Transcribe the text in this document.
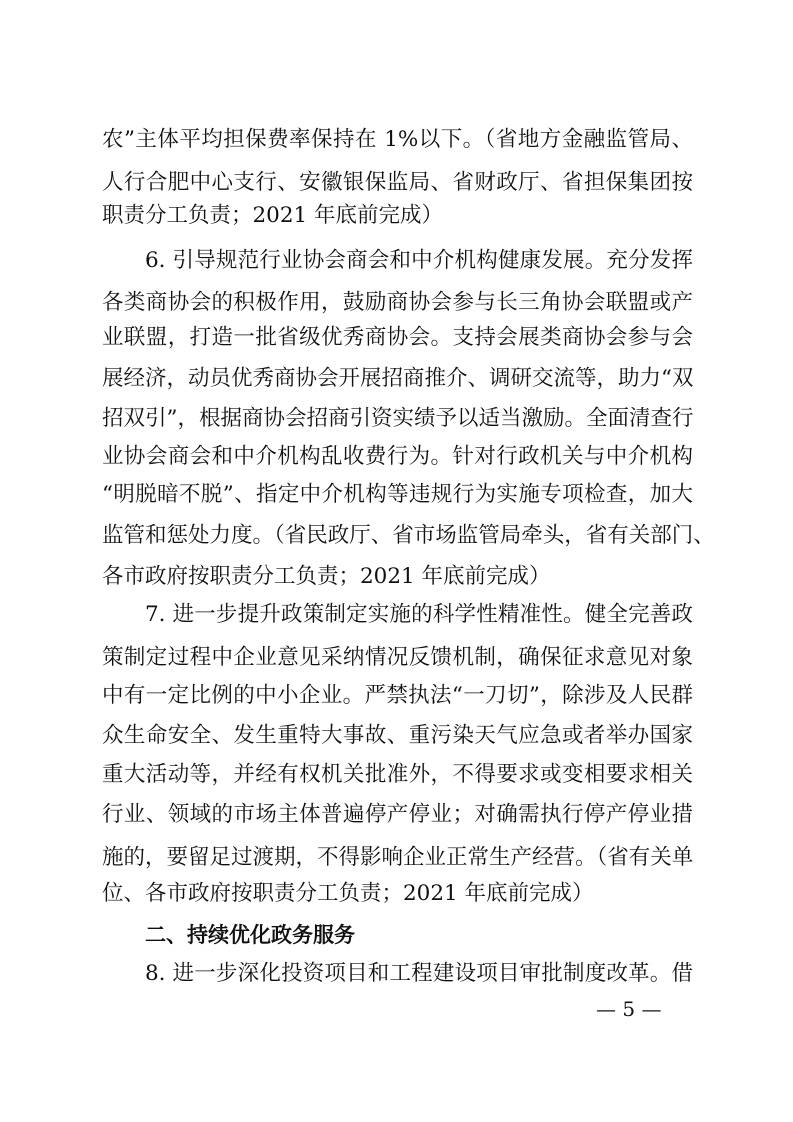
农”主体平均担保费率保持在 1%以下。（省地方金融监管局、
人行合肥中心支行、安徽银保监局、省财政厅、省担保集团按
职责分工负责；2021 年底前完成）
6. 引导规范行业协会商会和中介机构健康发展。充分发挥
各类商协会的积极作用，鼓励商协会参与长三角协会联盟或产
业联盟，打造一批省级优秀商协会。支持会展类商协会参与会
展经济，动员优秀商协会开展招商推介、调研交流等，助力“双
招双引”，根据商协会招商引资实绩予以适当激励。全面清查行
业协会商会和中介机构乱收费行为。针对行政机关与中介机构
“明脱暗不脱”、指定中介机构等违规行为实施专项检查，加大
监管和惩处力度。（省民政厅、省市场监管局牵头，省有关部门、
各市政府按职责分工负责；2021 年底前完成）
7. 进一步提升政策制定实施的科学性精准性。健全完善政
策制定过程中企业意见采纳情况反馈机制，确保征求意见对象
中有一定比例的中小企业。严禁执法“一刀切”，除涉及人民群
众生命安全、发生重特大事故、重污染天气应急或者举办国家
重大活动等，并经有权机关批准外，不得要求或变相要求相关
行业、领域的市场主体普遍停产停业；对确需执行停产停业措
施的，要留足过渡期，不得影响企业正常生产经营。（省有关单
位、各市政府按职责分工负责；2021 年底前完成）
二、持续优化政务服务
8. 进一步深化投资项目和工程建设项目审批制度改革。借
— 5 —
